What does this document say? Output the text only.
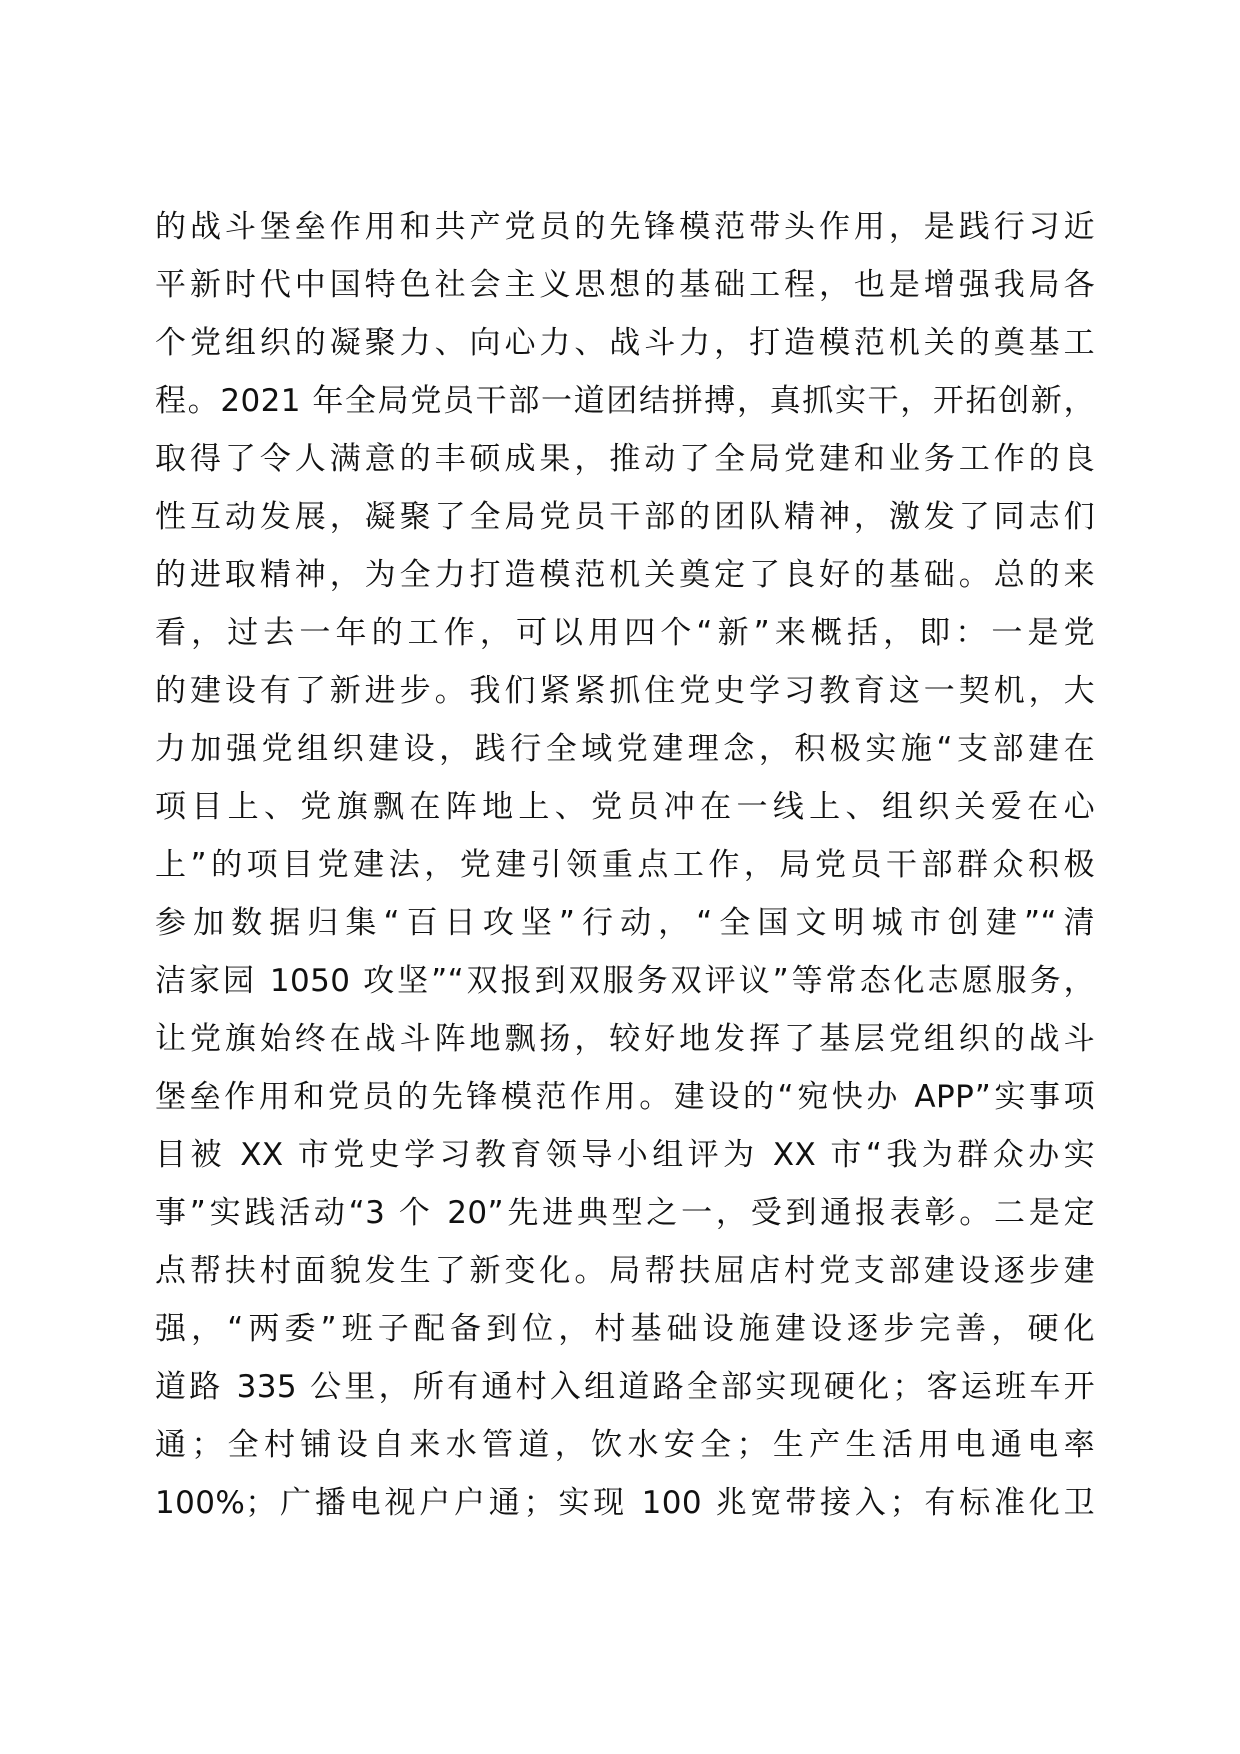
的战斗堡垒作用和共产党员的先锋模范带头作用，是践行习近
平新时代中国特色社会主义思想的基础工程，也是增强我局各
个党组织的凝聚力、向心力、战斗力，打造模范机关的奠基工
程。2021 年全局党员干部一道团结拼搏，真抓实干，开拓创新，
取得了令人满意的丰硕成果，推动了全局党建和业务工作的良
性互动发展，凝聚了全局党员干部的团队精神，激发了同志们
的进取精神，为全力打造模范机关奠定了良好的基础。总的来
看，过去一年的工作，可以用四个“新”来概括，即：一是党
的建设有了新进步。我们紧紧抓住党史学习教育这一契机，大
力加强党组织建设，践行全域党建理念，积极实施“支部建在
项目上、党旗飘在阵地上、党员冲在一线上、组织关爱在心
上”的项目党建法，党建引领重点工作，局党员干部群众积极
参加数据归集“百日攻坚”行动，“全国文明城市创建”“清
洁家园 1050 攻坚”“双报到双服务双评议”等常态化志愿服务，
让党旗始终在战斗阵地飘扬，较好地发挥了基层党组织的战斗
堡垒作用和党员的先锋模范作用。建设的“宛快办 APP”实事项
目被 XX 市党史学习教育领导小组评为 XX 市“我为群众办实
事”实践活动“3 个 20”先进典型之一，受到通报表彰。二是定
点帮扶村面貌发生了新变化。局帮扶屈店村党支部建设逐步建
强，“两委”班子配备到位，村基础设施建设逐步完善，硬化
道路 335 公里，所有通村入组道路全部实现硬化；客运班车开
通；全村铺设自来水管道，饮水安全；生产生活用电通电率
100%；广播电视户户通；实现 100 兆宽带接入；有标准化卫
